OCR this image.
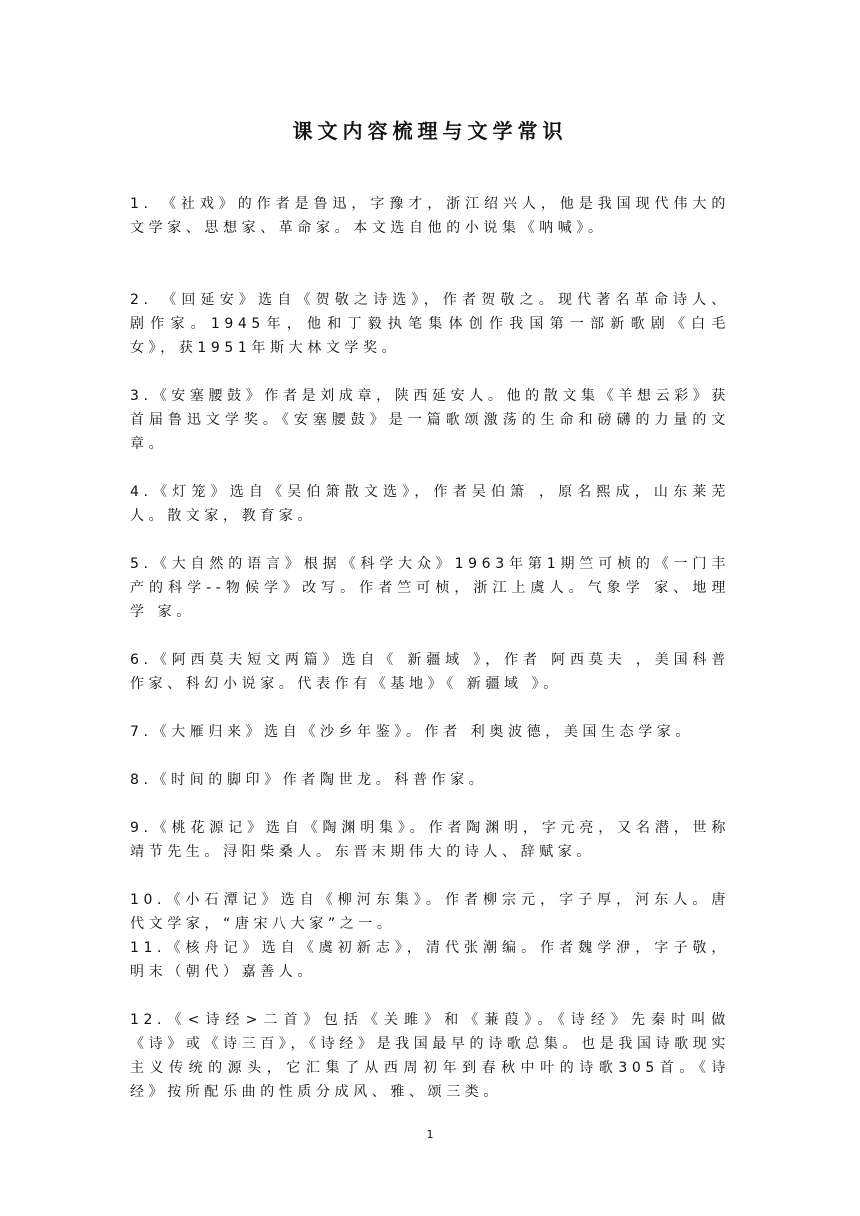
课文内容梳理与文学常识

1. 《社戏》的作者是鲁迅，字豫才，浙江绍兴人，他是我国现代伟大的文学家、思想家、革命家。本文选自他的小说集《呐喊》。

2. 《回延安》选自《贺敬之诗选》，作者贺敬之。现代著名革命诗人、剧作家。1945年，他和丁毅执笔集体创作我国第一部新歌剧《白毛女》，获1951年斯大林文学奖。

3.《安塞腰鼓》作者是刘成章，陕西延安人。他的散文集《羊想云彩》获首届鲁迅文学奖。《安塞腰鼓》是一篇歌颂激荡的生命和磅礴的力量的文章。

4.《灯笼》选自《吴伯箫散文选》，作者吴伯箫 ，原名熙成，山东莱芜人。散文家，教育家。

5.《大自然的语言》根据《科学大众》1963年第1期竺可桢的《一门丰产的科学--物候学》改写。作者竺可桢，浙江上虞人。气象学 家、地理学 家。

6.《阿西莫夫短文两篇》选自《 新疆域 》，作者 阿西莫夫 ，美国科普作家、科幻小说家。代表作有《基地》《 新疆域 》。

7.《大雁归来》选自《沙乡年鉴》。作者 利奥波德，美国生态学家。

8.《时间的脚印》作者陶世龙。科普作家。

9.《桃花源记》选自《陶渊明集》。作者陶渊明，字元亮，又名潜，世称靖节先生。浔阳柴桑人。东晋末期伟大的诗人、辞赋家。

10.《小石潭记》选自《柳河东集》。作者柳宗元，字子厚，河东人。唐代文学家，“唐宋八大家”之一。

11.《核舟记》选自《虞初新志》，清代张潮编。作者魏学洢，字子敬，明末（朝代）嘉善人。

12.《<诗经>二首》包括《关雎》和《蒹葭》。《诗经》先秦时叫做《诗》或《诗三百》，《诗经》是我国最早的诗歌总集。也是我国诗歌现实主义传统的源头，它汇集了从西周初年到春秋中叶的诗歌305首。《诗经》按所配乐曲的性质分成风、雅、颂三类。

1
